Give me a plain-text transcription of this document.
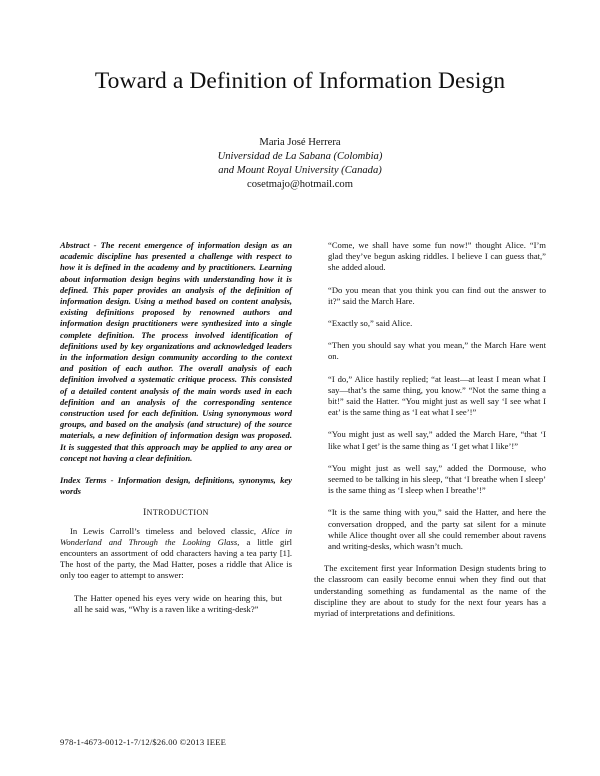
Toward a Definition of Information Design
Maria José Herrera
Universidad de La Sabana (Colombia)
and Mount Royal University (Canada)
cosetmajo@hotmail.com
Abstract - The recent emergence of information design as an academic discipline has presented a challenge with respect to how it is defined in the academy and by practitioners. Learning about information design begins with understanding how it is defined. This paper provides an analysis of the definition of information design. Using a method based on content analysis, existing definitions proposed by renowned authors and information design practitioners were synthesized into a single complete definition. The process involved identification of definitions used by key organizations and acknowledged leaders in the information design community according to the context and position of each author. The overall analysis of each definition involved a systematic critique process. This consisted of a detailed content analysis of the main words used in each definition and an analysis of the corresponding sentence construction used for each definition. Using synonymous word groups, and based on the analysis (and structure) of the source materials, a new definition of information design was proposed. It is suggested that this approach may be applied to any area or concept not having a clear definition.
Index Terms - Information design, definitions, synonyms, key words
INTRODUCTION
In Lewis Carroll’s timeless and beloved classic, Alice in Wonderland and Through the Looking Glass, a little girl encounters an assortment of odd characters having a tea party [1]. The host of the party, the Mad Hatter, poses a riddle that Alice is only too eager to attempt to answer:
The Hatter opened his eyes very wide on hearing this, but all he said was, “Why is a raven like a writing-desk?”
“Come, we shall have some fun now!” thought Alice. “I’m glad they’ve begun asking riddles. I believe I can guess that,” she added aloud.
“Do you mean that you think you can find out the answer to it?” said the March Hare.
“Exactly so,” said Alice.
“Then you should say what you mean,” the March Hare went on.
“I do,” Alice hastily replied; “at least—at least I mean what I say—that’s the same thing, you know.” “Not the same thing a bit!” said the Hatter. “You might just as well say ‘I see what I eat’ is the same thing as ‘I eat what I see’!”
“You might just as well say,” added the March Hare, “that ‘I like what I get’ is the same thing as ‘I get what I like’!”
“You might just as well say,” added the Dormouse, who seemed to be talking in his sleep, “that ‘I breathe when I sleep’ is the same thing as ‘I sleep when I breathe’!”
“It is the same thing with you,” said the Hatter, and here the conversation dropped, and the party sat silent for a minute while Alice thought over all she could remember about ravens and writing-desks, which wasn’t much.
The excitement first year Information Design students bring to the classroom can easily become ennui when they find out that understanding something as fundamental as the name of the discipline they are about to study for the next four years has a myriad of interpretations and definitions.
978-1-4673-0012-1-7/12/$26.00 ©2013 IEEE
